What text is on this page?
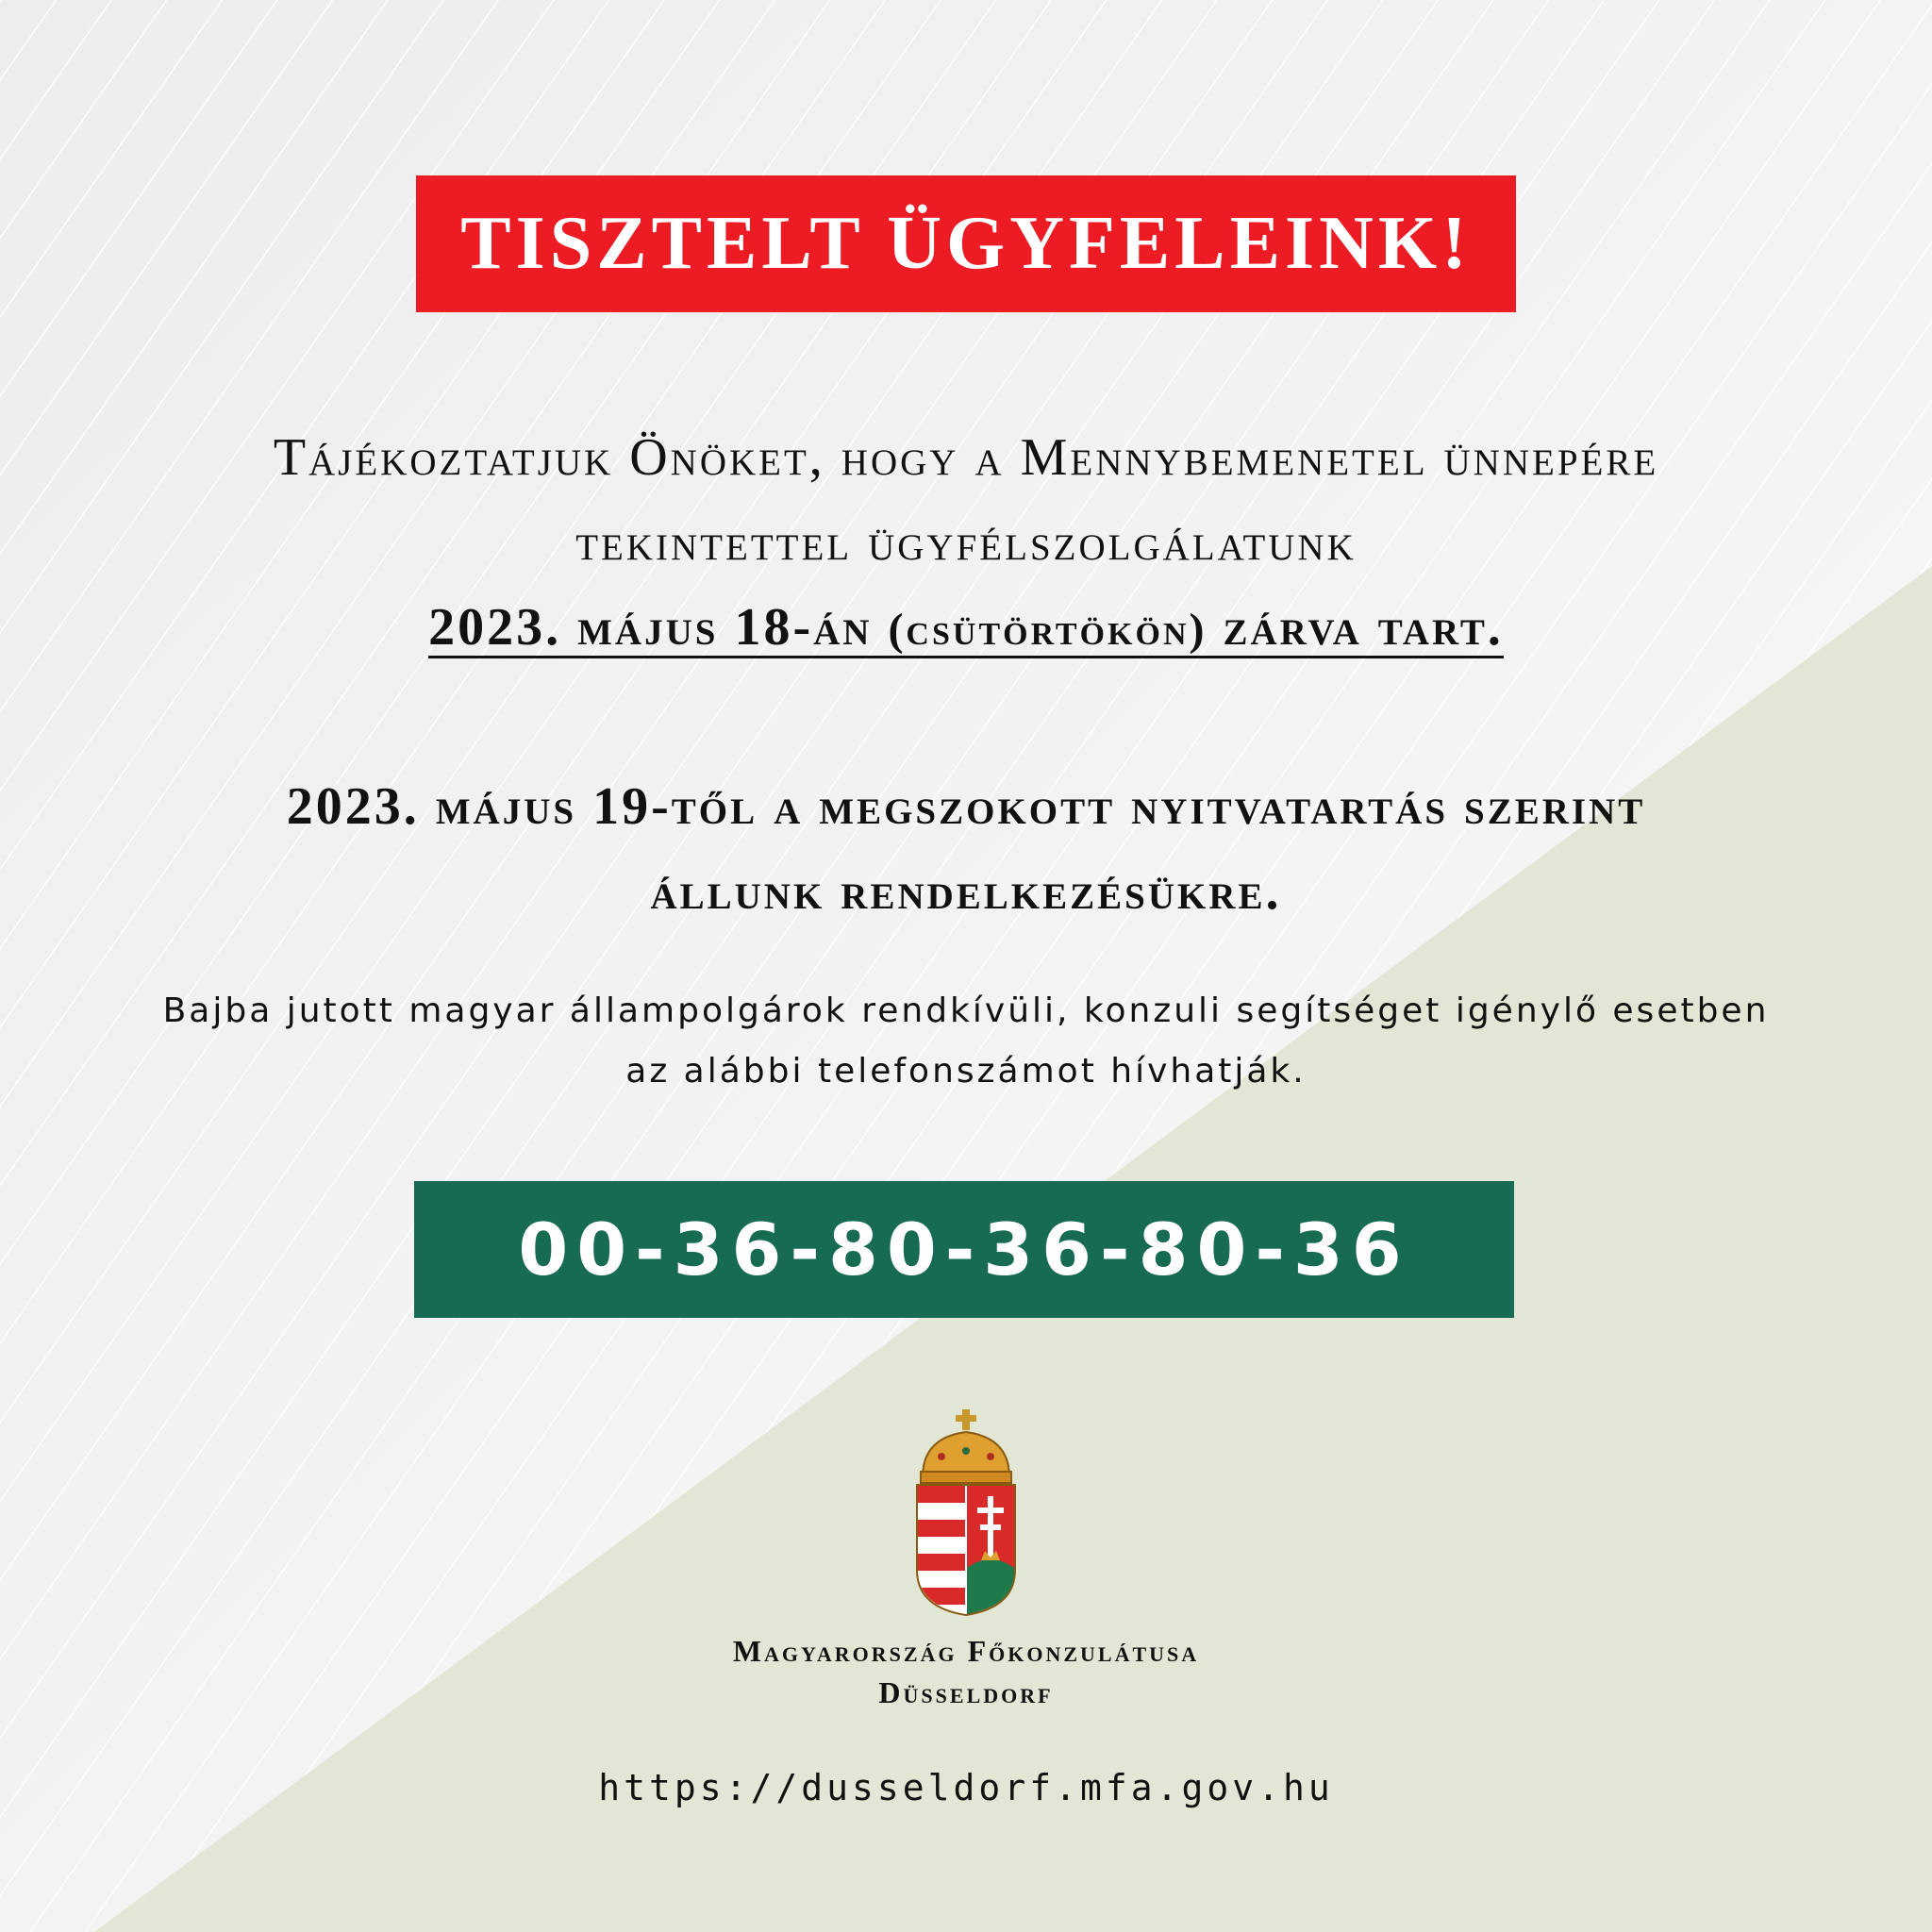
TISZTELT ÜGYFELEINK!
Tájékoztatjuk Önöket, hogy a Mennybemenetel ünnepére
tekintettel ügyfélszolgálatunk
2023. május 18-án (csütörtökön) zárva tart.
2023. május 19-től a megszokott nyitvatartás szerint
állunk rendelkezésükre.
Bajba jutott magyar állampolgárok rendkívüli, konzuli segítséget igénylő esetben
az alábbi telefonszámot hívhatják.
00-36-80-36-80-36
Magyarország Főkonzulátusa
Düsseldorf
https://dusseldorf.mfa.gov.hu
